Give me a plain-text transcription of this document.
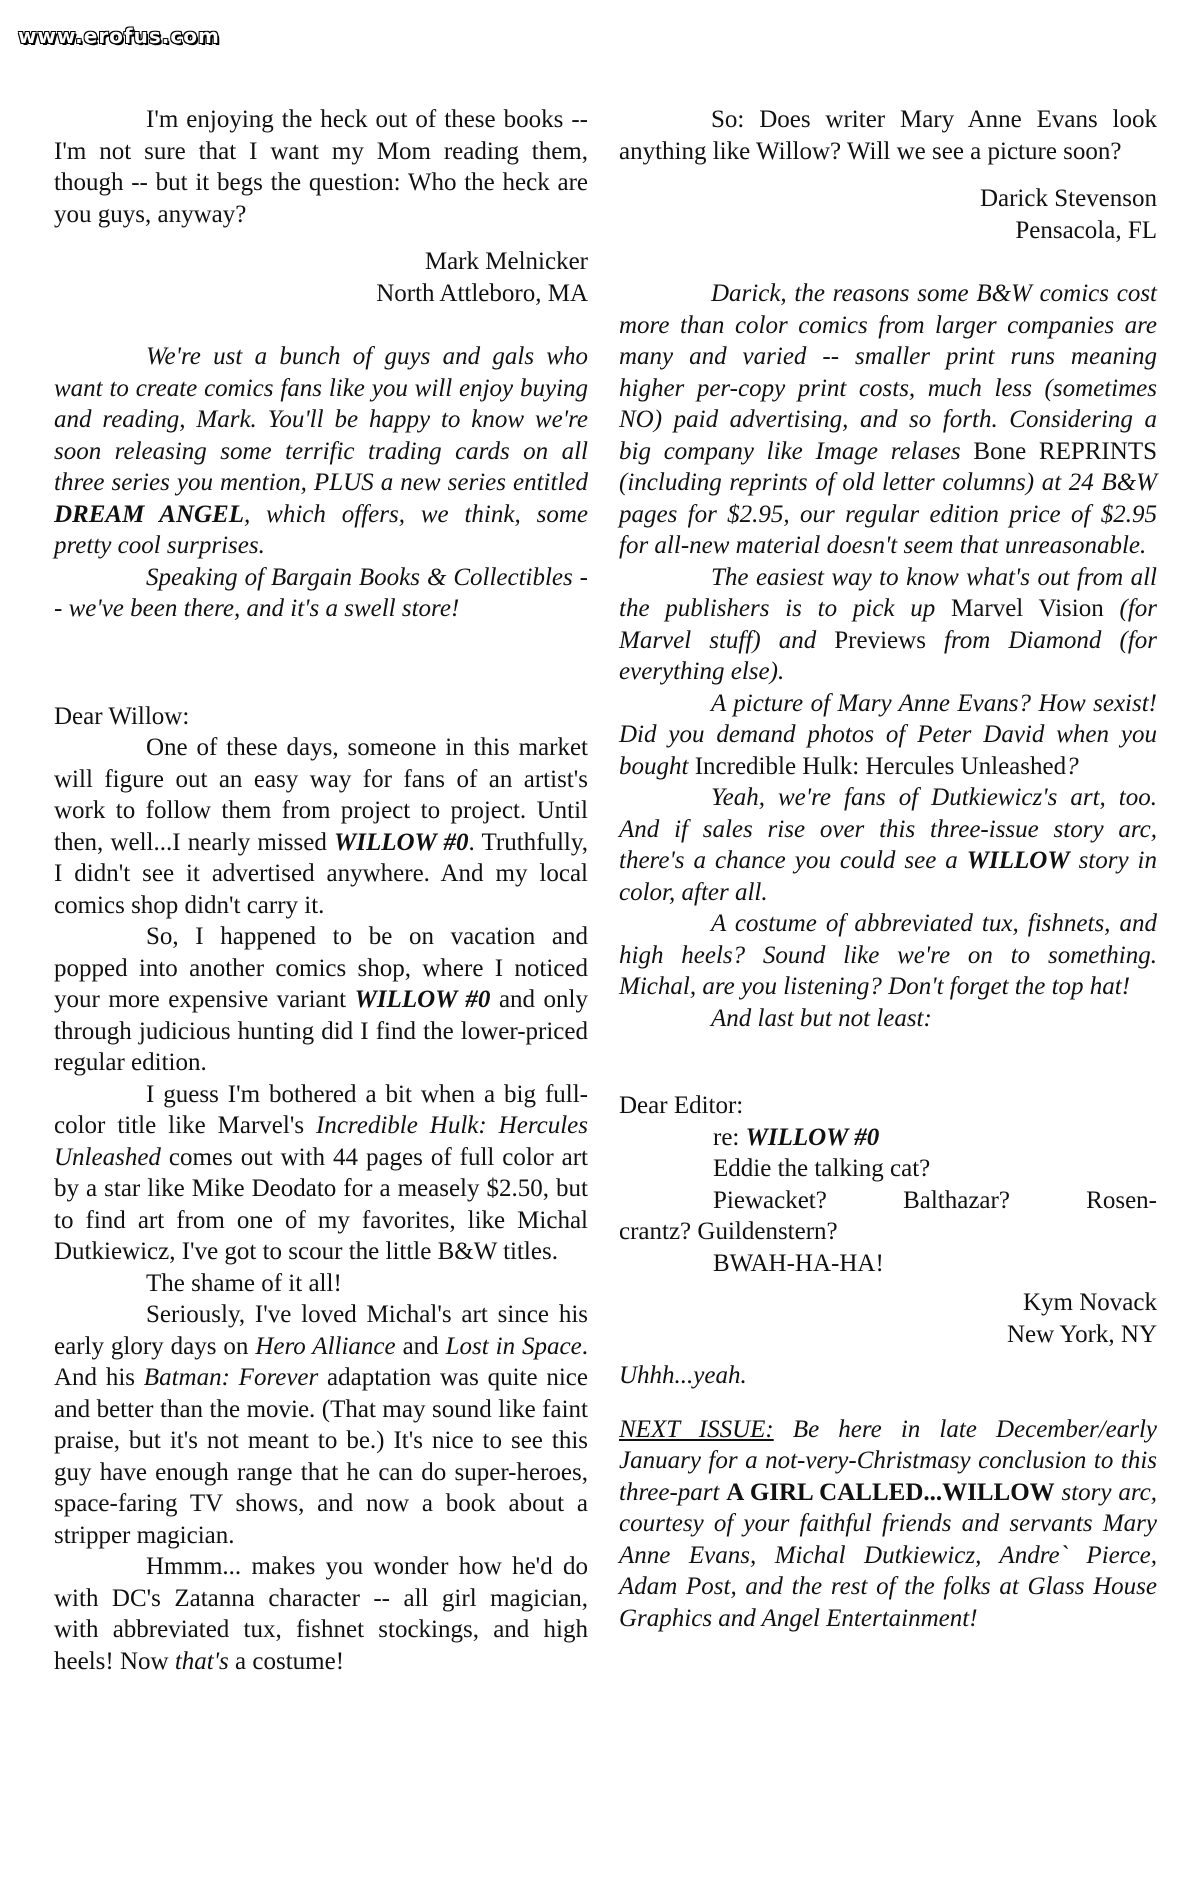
www.erofus.com

I'm enjoying the heck out of these books -- I'm not sure that I want my Mom reading them, though -- but it begs the question: Who the heck are you guys, anyway?

Mark Melnicker

North Attleboro, MA

We're ust a bunch of guys and gals who want to create comics fans like you will enjoy buying and reading, Mark. You'll be happy to know we're soon releasing some terrific trading cards on all three series you mention, PLUS a new series entitled DREAM ANGEL, which offers, we think, some pretty cool surprises.

Speaking of Bargain Books & Collectibles -- we've been there, and it's a swell store!

Dear Willow:

One of these days, someone in this market will figure out an easy way for fans of an artist's work to follow them from project to project. Until then, well...I nearly missed WILLOW #0. Truthfully, I didn't see it advertised anywhere. And my local comics shop didn't carry it.

So, I happened to be on vacation and popped into another comics shop, where I noticed your more expensive variant WILLOW #0 and only through judicious hunting did I find the lower-priced regular edition.

I guess I'm bothered a bit when a big full-color title like Marvel's Incredible Hulk: Hercules Unleashed comes out with 44 pages of full color art by a star like Mike Deodato for a measely $2.50, but to find art from one of my favorites, like Michal Dutkiewicz, I've got to scour the little B&W titles.

The shame of it all!

Seriously, I've loved Michal's art since his early glory days on Hero Alliance and Lost in Space. And his Batman: Forever adaptation was quite nice and better than the movie. (That may sound like faint praise, but it's not meant to be.) It's nice to see this guy have enough range that he can do super-heroes, space-faring TV shows, and now a book about a stripper magician.

Hmmm... makes you wonder how he'd do with DC's Zatanna character -- all girl magician, with abbreviated tux, fishnet stockings, and high heels! Now that's a costume!

So: Does writer Mary Anne Evans look anything like Willow? Will we see a picture soon?

Darick Stevenson

Pensacola, FL

Darick, the reasons some B&W comics cost more than color comics from larger companies are many and varied -- smaller print runs meaning higher per-copy print costs, much less (sometimes NO) paid advertising, and so forth. Considering a big company like Image relases Bone REPRINTS (including reprints of old letter columns) at 24 B&W pages for $2.95, our regular edition price of $2.95 for all-new material doesn't seem that unreasonable.

The easiest way to know what's out from all the publishers is to pick up Marvel Vision (for Marvel stuff) and Previews from Diamond (for everything else).

A picture of Mary Anne Evans? How sexist! Did you demand photos of Peter David when you bought Incredible Hulk: Hercules Unleashed?

Yeah, we're fans of Dutkiewicz's art, too. And if sales rise over this three-issue story arc, there's a chance you could see a WILLOW story in color, after all.

A costume of abbreviated tux, fishnets, and high heels? Sound like we're on to something. Michal, are you listening? Don't forget the top hat!

And last but not least:

Dear Editor:

re: WILLOW #0

Eddie the talking cat?

Piewacket? Balthazar? Rosen-

crantz? Guildenstern?

BWAH-HA-HA!

Kym Novack

New York, NY

Uhhh...yeah.

NEXT ISSUE: Be here in late December/early January for a not-very-Christmasy conclusion to this three-part A GIRL CALLED...WILLOW story arc, courtesy of your faithful friends and servants Mary Anne Evans, Michal Dutkiewicz, Andre` Pierce, Adam Post, and the rest of the folks at Glass House Graphics and Angel Entertainment!
